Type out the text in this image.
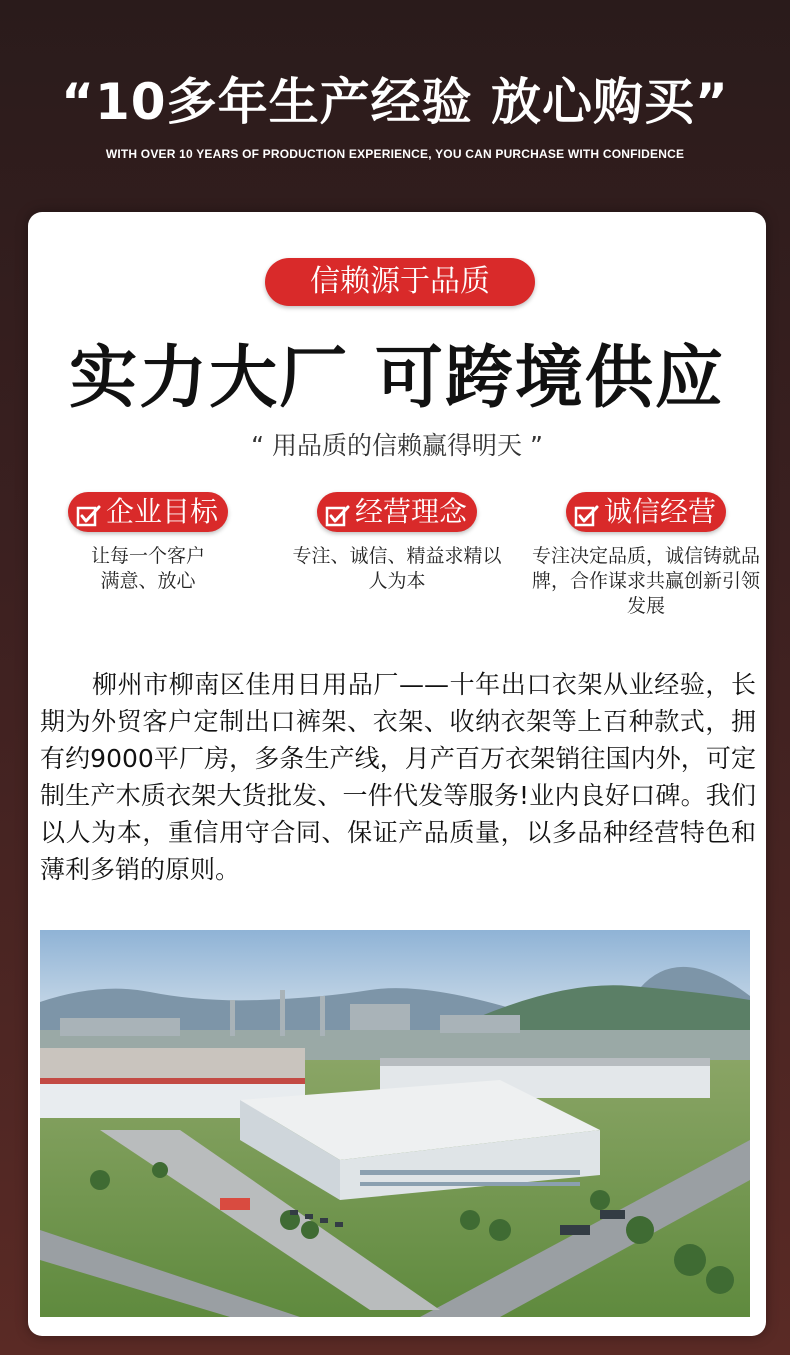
“10多年生产经验 放心购买”
WITH OVER 10 YEARS OF PRODUCTION EXPERIENCE, YOU CAN PURCHASE WITH CONFIDENCE
信赖源于品质
实力大厂 可跨境供应
“ 用品质的信赖赢得明天 ”
企业目标
让每一个客户满意、放心
经营理念
专注、诚信、精益求精以人为本
诚信经营
专注决定品质，诚信铸就品牌，合作谋求共赢创新引领发展
柳州市柳南区佳用日用品厂——十年出口衣架从业经验，长期为外贸客户定制出口裤架、衣架、收纳衣架等上百种款式，拥有约9000平厂房，多条生产线，月产百万衣架销往国内外，可定制生产木质衣架大货批发、一件代发等服务!业内良好口碑。我们以人为本，重信用守合同、保证产品质量，以多品种经营特色和薄利多销的原则。
